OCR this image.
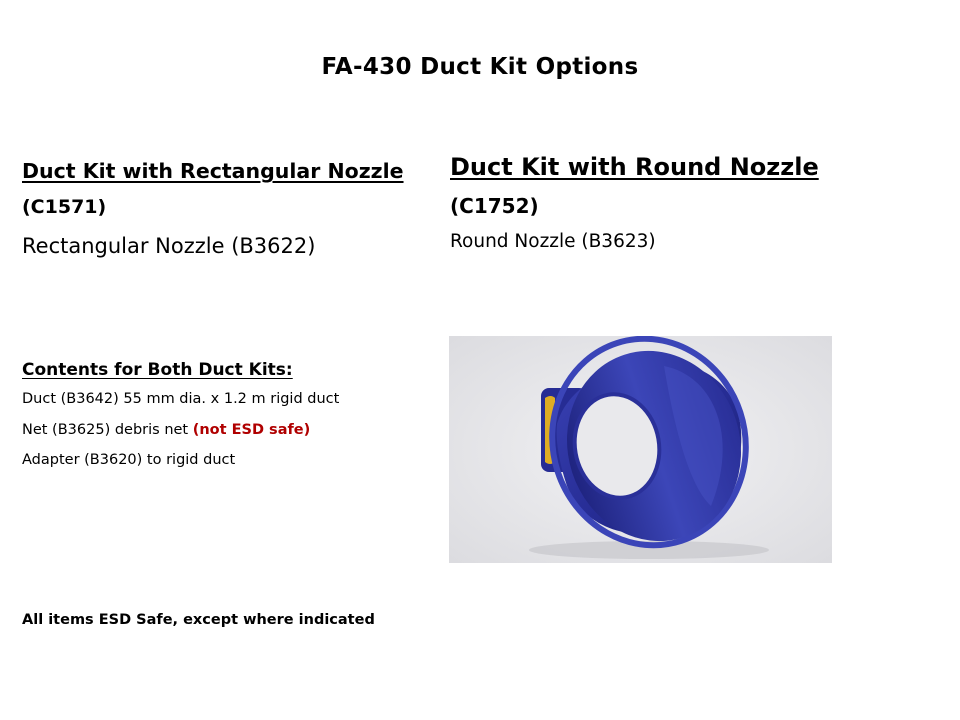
FA-430 Duct Kit Options
Duct Kit with Rectangular Nozzle
(C1571)
Rectangular Nozzle (B3622)
Duct Kit with Round Nozzle
(C1752)
Round Nozzle (B3623)
Contents for Both Duct Kits:
Duct (B3642) 55 mm dia. x 1.2 m rigid duct
Net (B3625) debris net (not ESD safe)
Adapter (B3620) to rigid duct
All items ESD Safe, except where indicated
